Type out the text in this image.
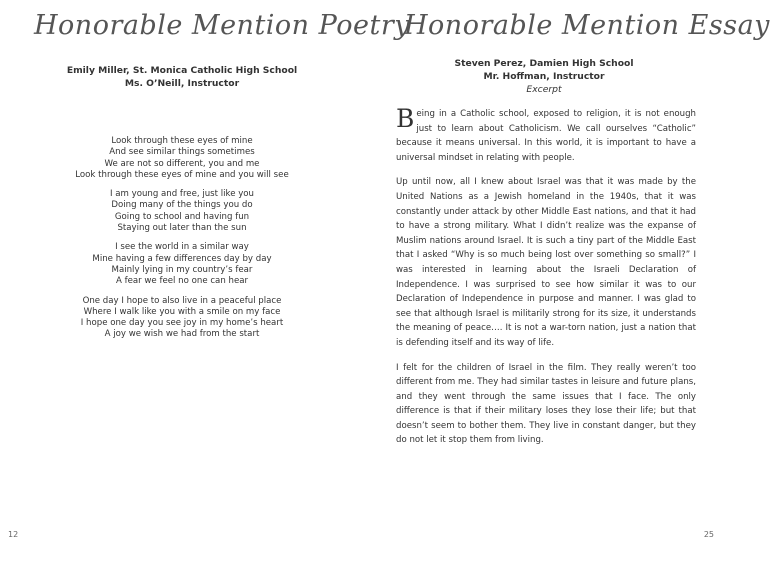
Honorable Mention Poetry
Emily Miller, St. Monica Catholic High School
Ms. O’Neill, Instructor
Look through these eyes of mine
And see similar things sometimes
We are not so different, you and me
Look through these eyes of mine and you will see
I am young and free, just like you
Doing many of the things you do
Going to school and having fun
Staying out later than the sun
I see the world in a similar way
Mine having a few differences day by day
Mainly lying in my country’s fear
A fear we feel no one can hear
One day I hope to also live in a peaceful place
Where I walk like you with a smile on my face
I hope one day you see joy in my home’s heart
A joy we wish we had from the start
12
Honorable Mention Essay
Steven Perez, Damien High School
Mr. Hoffman, Instructor
Excerpt

Being in a Catholic school, exposed to religion, it is not enough just to learn about Catholicism. We call ourselves “Catholic” because it means universal. In this world, it is important to have a universal mindset in relating with people.

Up until now, all I knew about Israel was that it was made by the United Nations as a Jewish homeland in the 1940s, that it was constantly under attack by other Middle East nations, and that it had to have a strong military. What I didn’t realize was the expanse of Muslim nations around Israel. It is such a tiny part of the Middle East that I asked “Why is so much being lost over something so small?” I was interested in learning about the Israeli Declaration of Independence. I was surprised to see how similar it was to our Declaration of Independence in purpose and manner. I was glad to see that although Israel is militarily strong for its size, it understands the meaning of peace…. It is not a war-torn nation, just a nation that is defending itself and its way of life.

I felt for the children of Israel in the film. They really weren’t too different from me. They had similar tastes in leisure and future plans, and they went through the same issues that I face. The only difference is that if their military loses they lose their life; but that doesn’t seem to bother them. They live in constant danger, but they do not let it stop them from living.

25
